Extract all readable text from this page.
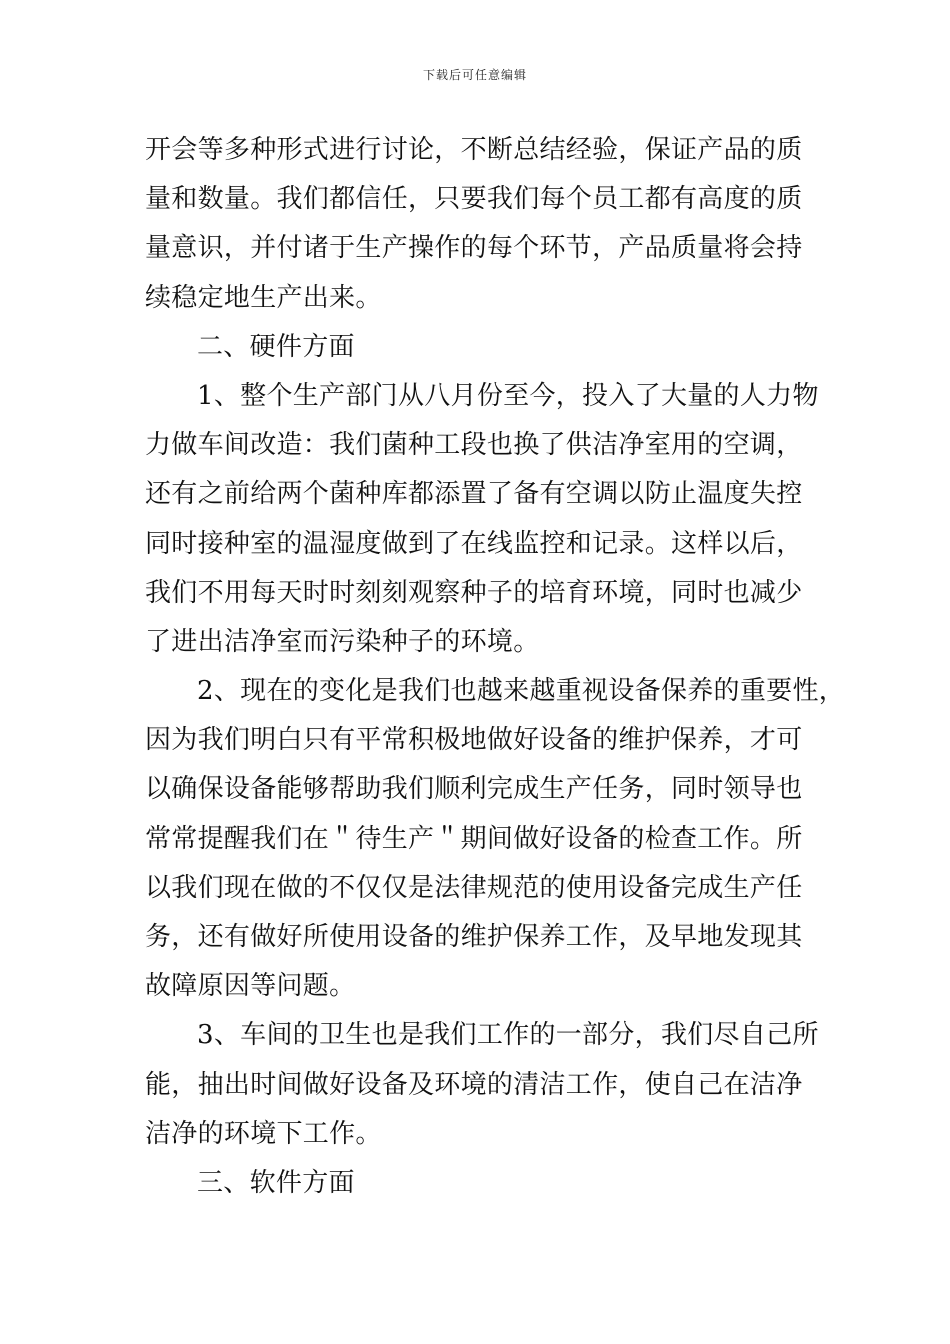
下载后可任意编辑
开会等多种形式进行讨论，不断总结经验，保证产品的质
量和数量。我们都信任，只要我们每个员工都有高度的质
量意识，并付诸于生产操作的每个环节，产品质量将会持
续稳定地生产出来。
二、硬件方面
1、整个生产部门从八月份至今，投入了大量的人力物
力做车间改造：我们菌种工段也换了供洁净室用的空调，
还有之前给两个菌种库都添置了备有空调以防止温度失控
同时接种室的温湿度做到了在线监控和记录。这样以后，
我们不用每天时时刻刻观察种子的培育环境，同时也减少
了进出洁净室而污染种子的环境。
2、现在的变化是我们也越来越重视设备保养的重要性，
因为我们明白只有平常积极地做好设备的维护保养，才可
以确保设备能够帮助我们顺利完成生产任务，同时领导也
常常提醒我们在＂待生产＂期间做好设备的检查工作。所
以我们现在做的不仅仅是法律规范的使用设备完成生产任
务，还有做好所使用设备的维护保养工作，及早地发现其
故障原因等问题。
3、车间的卫生也是我们工作的一部分，我们尽自己所
能，抽出时间做好设备及环境的清洁工作，使自己在洁净
洁净的环境下工作。
三、软件方面
